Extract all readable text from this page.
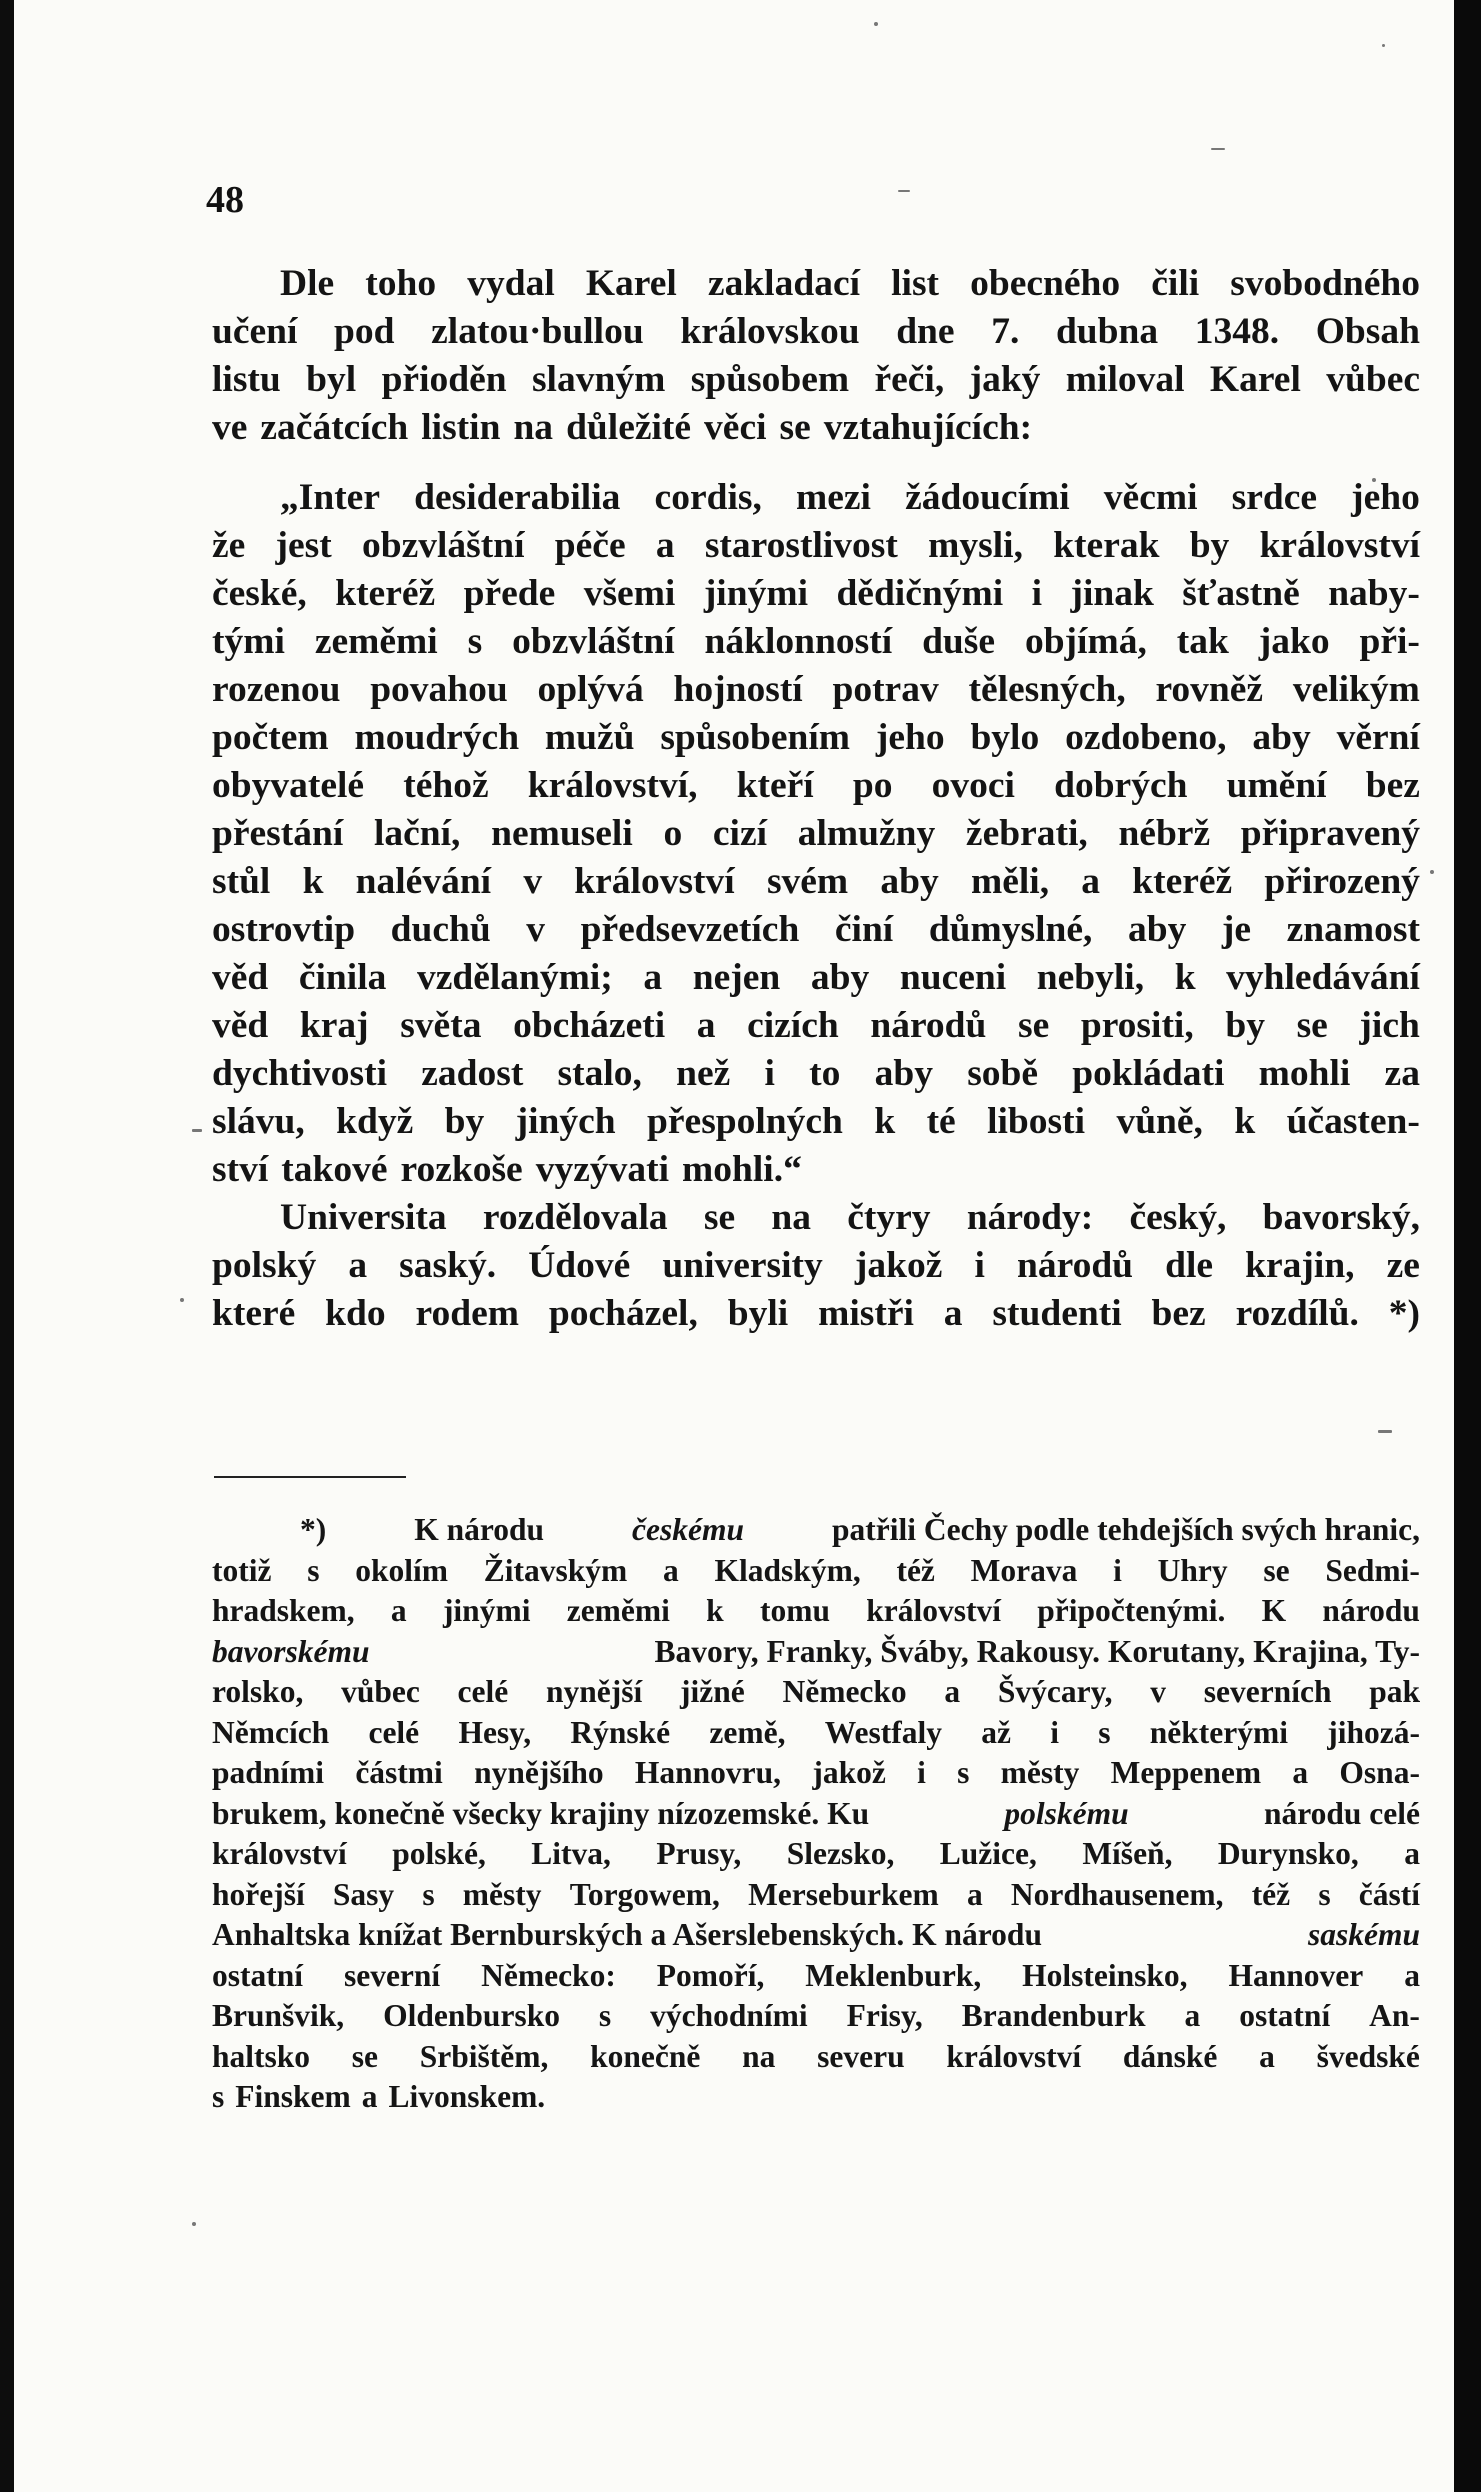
48
Dle toho vydal Karel zakladací list obecného čili svobodného
učení pod zlatou·bullou královskou dne 7. dubna 1348. Obsah
listu byl přioděn slavným spůsobem řeči, jaký miloval Karel vůbec
ve začátcích listin na důležité věci se vztahujících:
„Inter desiderabilia cordis, mezi žádoucími věcmi srdce jeho
že jest obzvláštní péče a starostlivost mysli, kterak by království
české, kteréž přede všemi jinými dědičnými i jinak šťastně naby-
tými zeměmi s obzvláštní náklonností duše objímá, tak jako při-
rozenou povahou oplývá hojností potrav tělesných, rovněž velikým
počtem moudrých mužů spůsobením jeho bylo ozdobeno, aby věrní
obyvatelé téhož království, kteří po ovoci dobrých umění bez
přestání lační, nemuseli o cizí almužny žebrati, nébrž připravený
stůl k nalévání v království svém aby měli, a kteréž přirozený
ostrovtip duchů v předsevzetích činí důmyslné, aby je znamost
věd činila vzdělanými; a nejen aby nuceni nebyli, k vyhledávání
věd kraj světa obcházeti a cizích národů se prositi, by se jich
dychtivosti zadost stalo, než i to aby sobě pokládati mohli za
slávu, když by jiných přespolných k té libosti vůně, k účasten-
ství takové rozkoše vyzývati mohli.“
Universita rozdělovala se na čtyry národy: český, bavorský,
polský a saský. Údové university jakož i národů dle krajin, ze
které kdo rodem pocházel, byli mistři a studenti bez rozdílů. *)
*)	K národu	českému	patřili Čechy podle tehdejších svých hranic,
totiž s okolím Žitavským a Kladským, též Morava i Uhry se Sedmi-
hradskem, a jinými zeměmi k tomu království připočtenými. K národu
bavorskému	Bavory, Franky, Šváby, Rakousy. Korutany, Krajina, Ty-
rolsko, vůbec celé nynější jižné Německo a Švýcary, v severních pak
Němcích celé Hesy, Rýnské země, Westfaly až i s některými jihozá-
padními částmi nynějšího Hannovru, jakož i s městy Meppenem a Osna-
brukem, konečně všecky krajiny nízozemské. Ku	polskému	národu celé
království polské, Litva, Prusy, Slezsko, Lužice, Míšeň, Durynsko, a
hořejší Sasy s městy Torgowem, Merseburkem a Nordhausenem, též s částí
Anhaltska knížat Bernburských a Ašerslebenských. K národu	saskému
ostatní severní Německo: Pomoří, Meklenburk, Holsteinsko, Hannover a
Brunšvik, Oldenbursko s východními Frisy, Brandenburk a ostatní An-
haltsko se Srbištěm, konečně na severu království dánské a švedské
s Finskem a Livonskem.
